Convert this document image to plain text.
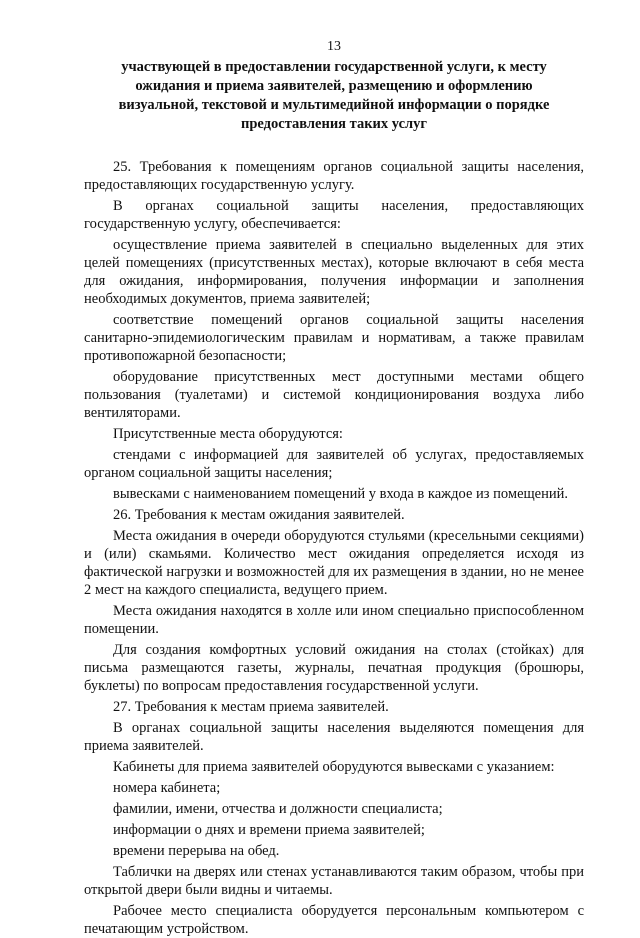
13
участвующей в предоставлении государственной услуги, к месту
ожидания и приема заявителей, размещению и оформлению
визуальной, текстовой и мультимедийной информации о порядке
предоставления таких услуг

25. Требования к помещениям органов социальной защиты населения, предоставляющих государственную услугу.

В органах социальной защиты населения, предоставляющих государственную услугу, обеспечивается:

осуществление приема заявителей в специально выделенных для этих целей помещениях (присутственных местах), которые включают в себя места для ожидания, информирования, получения информации и заполнения необходимых документов, приема заявителей;

соответствие помещений органов социальной защиты населения санитарно-эпидемиологическим правилам и нормативам, а также правилам противопожарной безопасности;

оборудование присутственных мест доступными местами общего пользования (туалетами) и системой кондиционирования воздуха либо вентиляторами.

Присутственные места оборудуются:

стендами с информацией для заявителей об услугах, предоставляемых органом социальной защиты населения;

вывесками с наименованием помещений у входа в каждое из помещений.

26. Требования к местам ожидания заявителей.

Места ожидания в очереди оборудуются стульями (кресельными секциями) и (или) скамьями. Количество мест ожидания определяется исходя из фактической нагрузки и возможностей для их размещения в здании, но не менее 2 мест на каждого специалиста, ведущего прием.

Места ожидания находятся в холле или ином специально приспособленном помещении.

Для создания комфортных условий ожидания на столах (стойках) для письма размещаются газеты, журналы, печатная продукция (брошюры, буклеты) по вопросам предоставления государственной услуги.

27. Требования к местам приема заявителей.

В органах социальной защиты населения выделяются помещения для приема заявителей.

Кабинеты для приема заявителей оборудуются вывесками с указанием:

номера кабинета;

фамилии, имени, отчества и должности специалиста;

информации о днях и времени приема заявителей;

времени перерыва на обед.

Таблички на дверях или стенах устанавливаются таким образом, чтобы при открытой двери были видны и читаемы.

Рабочее место специалиста оборудуется персональным компьютером с печатающим устройством.
